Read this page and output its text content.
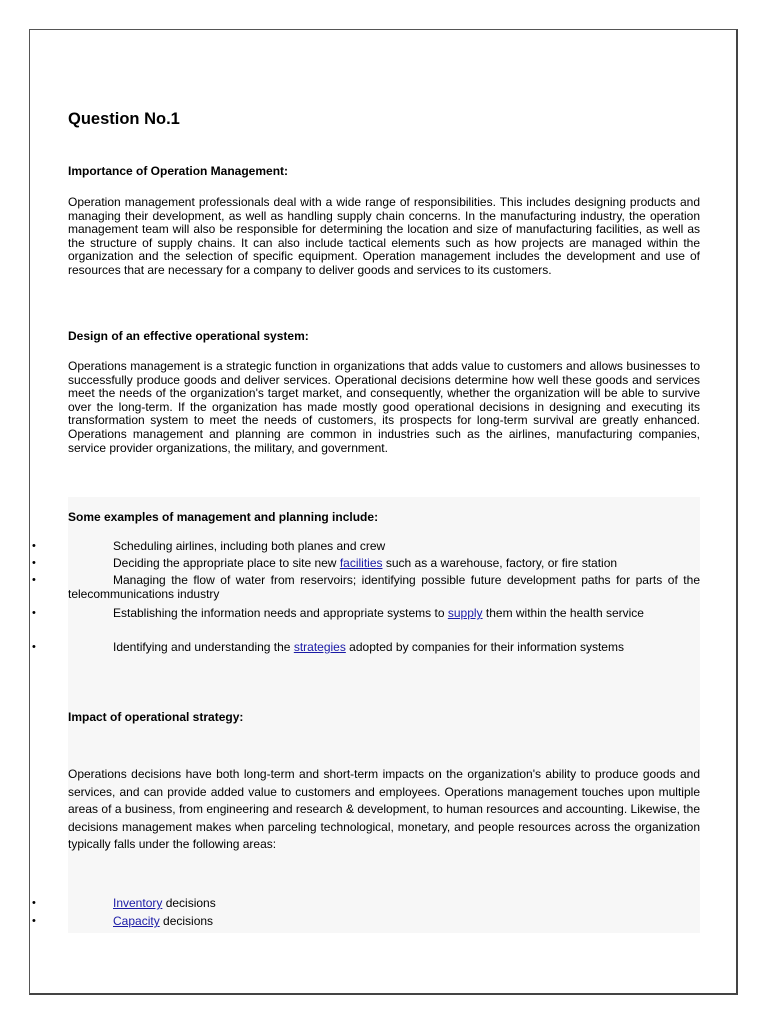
Question No.1
Importance of Operation Management:
Operation management professionals deal with a wide range of responsibilities. This includes designing products and managing their development, as well as handling supply chain concerns. In the manufacturing industry, the operation management team will also be responsible for determining the location and size of manufacturing facilities, as well as the structure of supply chains. It can also include tactical elements such as how projects are managed within the organization and the selection of specific equipment. Operation management includes the development and use of resources that are necessary for a company to deliver goods and services to its customers.
Design of an effective operational system:
Operations management is a strategic function in organizations that adds value to customers and allows businesses to successfully produce goods and deliver services. Operational decisions determine how well these goods and services meet the needs of the organization's target market, and consequently, whether the organization will be able to survive over the long-term. If the organization has made mostly good operational decisions in designing and executing its transformation system to meet the needs of customers, its prospects for long-term survival are greatly enhanced. Operations management and planning are common in industries such as the airlines, manufacturing companies, service provider organizations, the military, and government.
Some examples of management and planning include:
•	Scheduling airlines, including both planes and crew
•	Deciding the appropriate place to site new facilities such as a warehouse, factory, or fire station
•	Managing the flow of water from reservoirs; identifying possible future development paths for parts of the telecommunications industry
•	Establishing the information needs and appropriate systems to supply them within the health service
•	Identifying and understanding the strategies adopted by companies for their information systems
Impact of operational strategy:
Operations decisions have both long-term and short-term impacts on the organization's ability to produce goods and services, and can provide added value to customers and employees. Operations management touches upon multiple areas of a business, from engineering and research & development, to human resources and accounting. Likewise, the decisions management makes when parceling technological, monetary, and people resources across the organization typically falls under the following areas:
•	Inventory decisions
•	Capacity decisions
